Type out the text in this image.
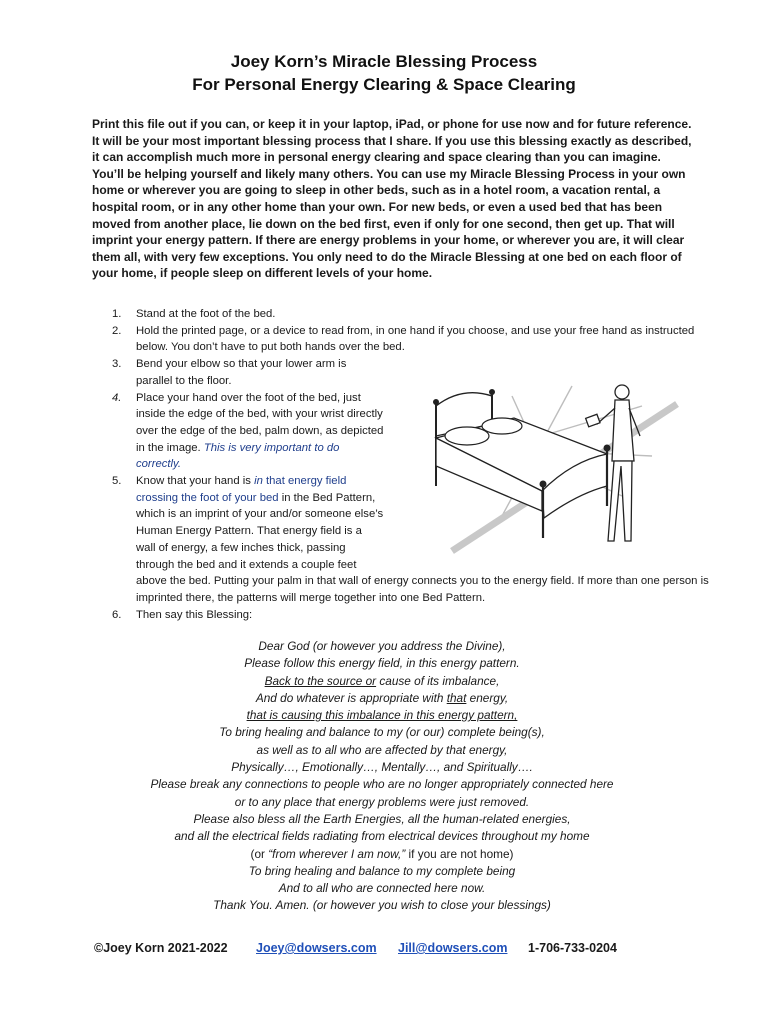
Joey Korn’s Miracle Blessing Process
For Personal Energy Clearing & Space Clearing

Print this file out if you can, or keep it in your laptop, iPad, or phone for use now and for future reference. It will be your most important blessing process that I share. If you use this blessing exactly as described, it can accomplish much more in personal energy clearing and space clearing than you can imagine. You’ll be helping yourself and likely many others. You can use my Miracle Blessing Process in your own home or wherever you are going to sleep in other beds, such as in a hotel room, a vacation rental, a hospital room, or in any other home than your own. For new beds, or even a used bed that has been moved from another place, lie down on the bed first, even if only for one second, then get up. That will imprint your energy pattern. If there are energy problems in your home, or wherever you are, it will clear them all, with very few exceptions. You only need to do the Miracle Blessing at one bed on each floor of your home, if people sleep on different levels of your home.

1. Stand at the foot of the bed.
2. Hold the printed page, or a device to read from, in one hand if you choose, and use your free hand as instructed below. You don’t have to put both hands over the bed.
3. Bend your elbow so that your lower arm is parallel to the floor.
4. Place your hand over the foot of the bed, just inside the edge of the bed, with your wrist directly over the edge of the bed, palm down, as depicted in the image. This is very important to do correctly.
5. Know that your hand is in that energy field crossing the foot of your bed in the Bed Pattern, which is an imprint of your and/or someone else’s Human Energy Pattern. That energy field is a wall of energy, a few inches thick, passing through the bed and it extends a couple feet
above the bed. Putting your palm in that wall of energy connects you to the energy field. If more than one person is imprinted there, the patterns will merge together into one Bed Pattern.
6. Then say this Blessing:
Dear God (or however you address the Divine),
Please follow this energy field, in this energy pattern.
Back to the source or cause of its imbalance,
And do whatever is appropriate with that energy,
that is causing this imbalance in this energy pattern,
To bring healing and balance to my (or our) complete being(s),
as well as to all who are affected by that energy,
Physically…, Emotionally…, Mentally…, and Spiritually….
Please break any connections to people who are no longer appropriately connected here
or to any place that energy problems were just removed.
Please also bless all the Earth Energies, all the human-related energies,
and all the electrical fields radiating from electrical devices throughout my home
(or “from wherever I am now,” if you are not home)
To bring healing and balance to my complete being
And to all who are connected here now.
Thank You. Amen. (or however you wish to close your blessings)
©Joey Korn 2021-2022 Joey@dowsers.com Jill@dowsers.com 1-706-733-0204
